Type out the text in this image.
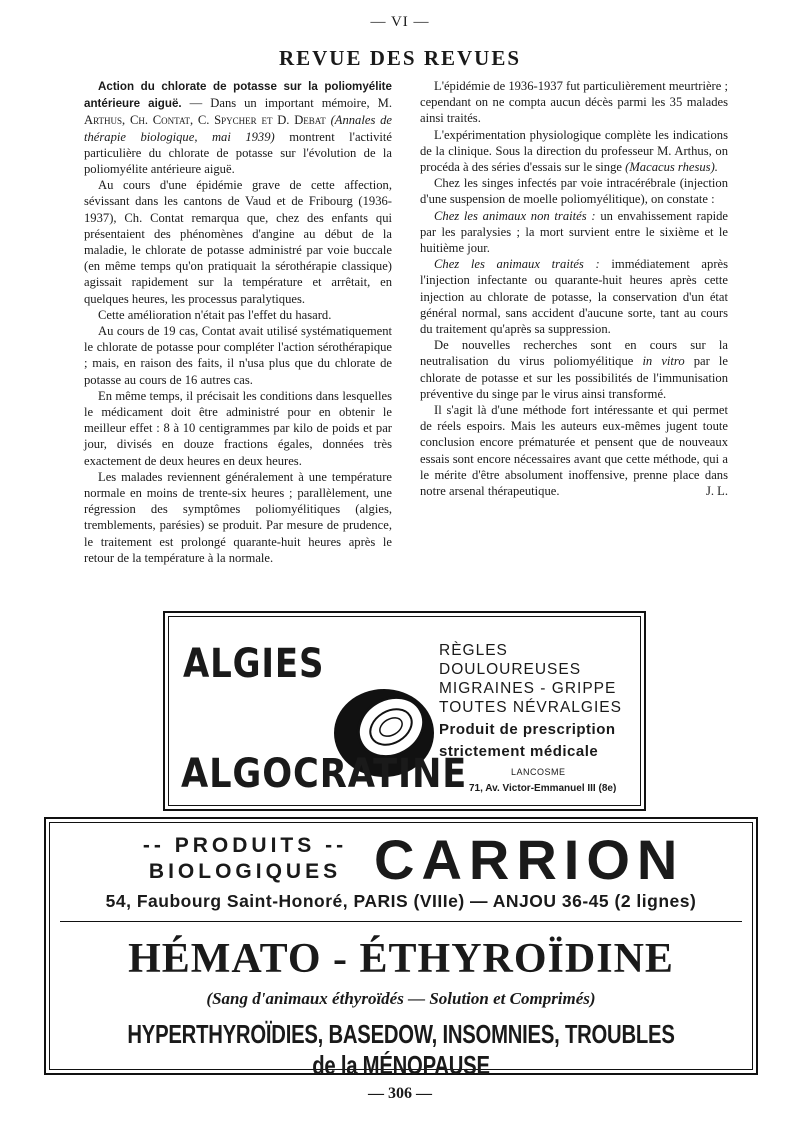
— VI —
REVUE DES REVUES

Action du chlorate de potasse sur la poliomyélite antérieure aiguë. — Dans un important mémoire, M. Arthus, Ch. Contat, C. Spycher et D. Debat (Annales de thérapie biologique, mai 1939) montrent l'activité particulière du chlorate de potasse sur l'évolution de la poliomyélite antérieure aiguë.

Au cours d'une épidémie grave de cette affection, sévissant dans les cantons de Vaud et de Fribourg (1936-1937), Ch. Contat remarqua que, chez des enfants qui présentaient des phénomènes d'angine au début de la maladie, le chlorate de potasse administré par voie buccale (en même temps qu'on pratiquait la sérothérapie classique) agissait rapidement sur la température et arrêtait, en quelques heures, les processus paralytiques.

Cette amélioration n'était pas l'effet du hasard.

Au cours de 19 cas, Contat avait utilisé systématiquement le chlorate de potasse pour compléter l'action sérothérapique ; mais, en raison des faits, il n'usa plus que du chlorate de potasse au cours de 16 autres cas.

En même temps, il précisait les conditions dans lesquelles le médicament doit être administré pour en obtenir le meilleur effet : 8 à 10 centigrammes par kilo de poids et par jour, divisés en douze fractions égales, données très exactement de deux heures en deux heures.

Les malades reviennent généralement à une température normale en moins de trente-six heures ; parallèlement, une régression des symptômes poliomyélitiques (algies, tremblements, parésies) se produit. Par mesure de prudence, le traitement est prolongé quarante-huit heures après le retour de la température à la normale.

L'épidémie de 1936-1937 fut particulièrement meurtrière ; cependant on ne compta aucun décès parmi les 35 malades ainsi traités.

L'expérimentation physiologique complète les indications de la clinique. Sous la direction du professeur M. Arthus, on procéda à des séries d'essais sur le singe (Macacus rhesus).

Chez les singes infectés par voie intracérébrale (injection d'une suspension de moelle poliomyélitique), on constate :

Chez les animaux non traités : un envahissement rapide par les paralysies ; la mort survient entre le sixième et le huitième jour.

Chez les animaux traités : immédiatement après l'injection infectante ou quarante-huit heures après cette injection au chlorate de potasse, la conservation d'un état général normal, sans accident d'aucune sorte, tant au cours du traitement qu'après sa suppression.

De nouvelles recherches sont en cours sur la neutralisation du virus poliomyélitique in vitro par le chlorate de potasse et sur les possibilités de l'immunisation préventive du singe par le virus ainsi transformé.

Il s'agit là d'une méthode fort intéressante et qui permet de réels espoirs. Mais les auteurs eux-mêmes jugent toute conclusion encore prématurée et pensent que de nouveaux essais sont encore nécessaires avant que cette méthode, qui a le mérite d'être absolument inoffensive, prenne place dans notre arsenal thérapeutique.	J. L.

ALGIES	RÈGLES DOULOUREUSES
MIGRAINES - GRIPPE
TOUTES NÉVRALGIES
Produit de prescription
strictement médicale
ALGOCRATINE	LANCOSME
71, Av. Victor-Emmanuel III (8e)
-- PRODUITS --
BIOLOGIQUES CARRION
54, Faubourg Saint-Honoré, PARIS (VIIIe) — ANJOU 36-45 (2 lignes)
HÉMATO - ÉTHYROÏDINE
(Sang d'animaux éthyroïdés — Solution et Comprimés)
HYPERTHYROÏDIES, BASEDOW, INSOMNIES, TROUBLES de la MÉNOPAUSE
— 306 —
